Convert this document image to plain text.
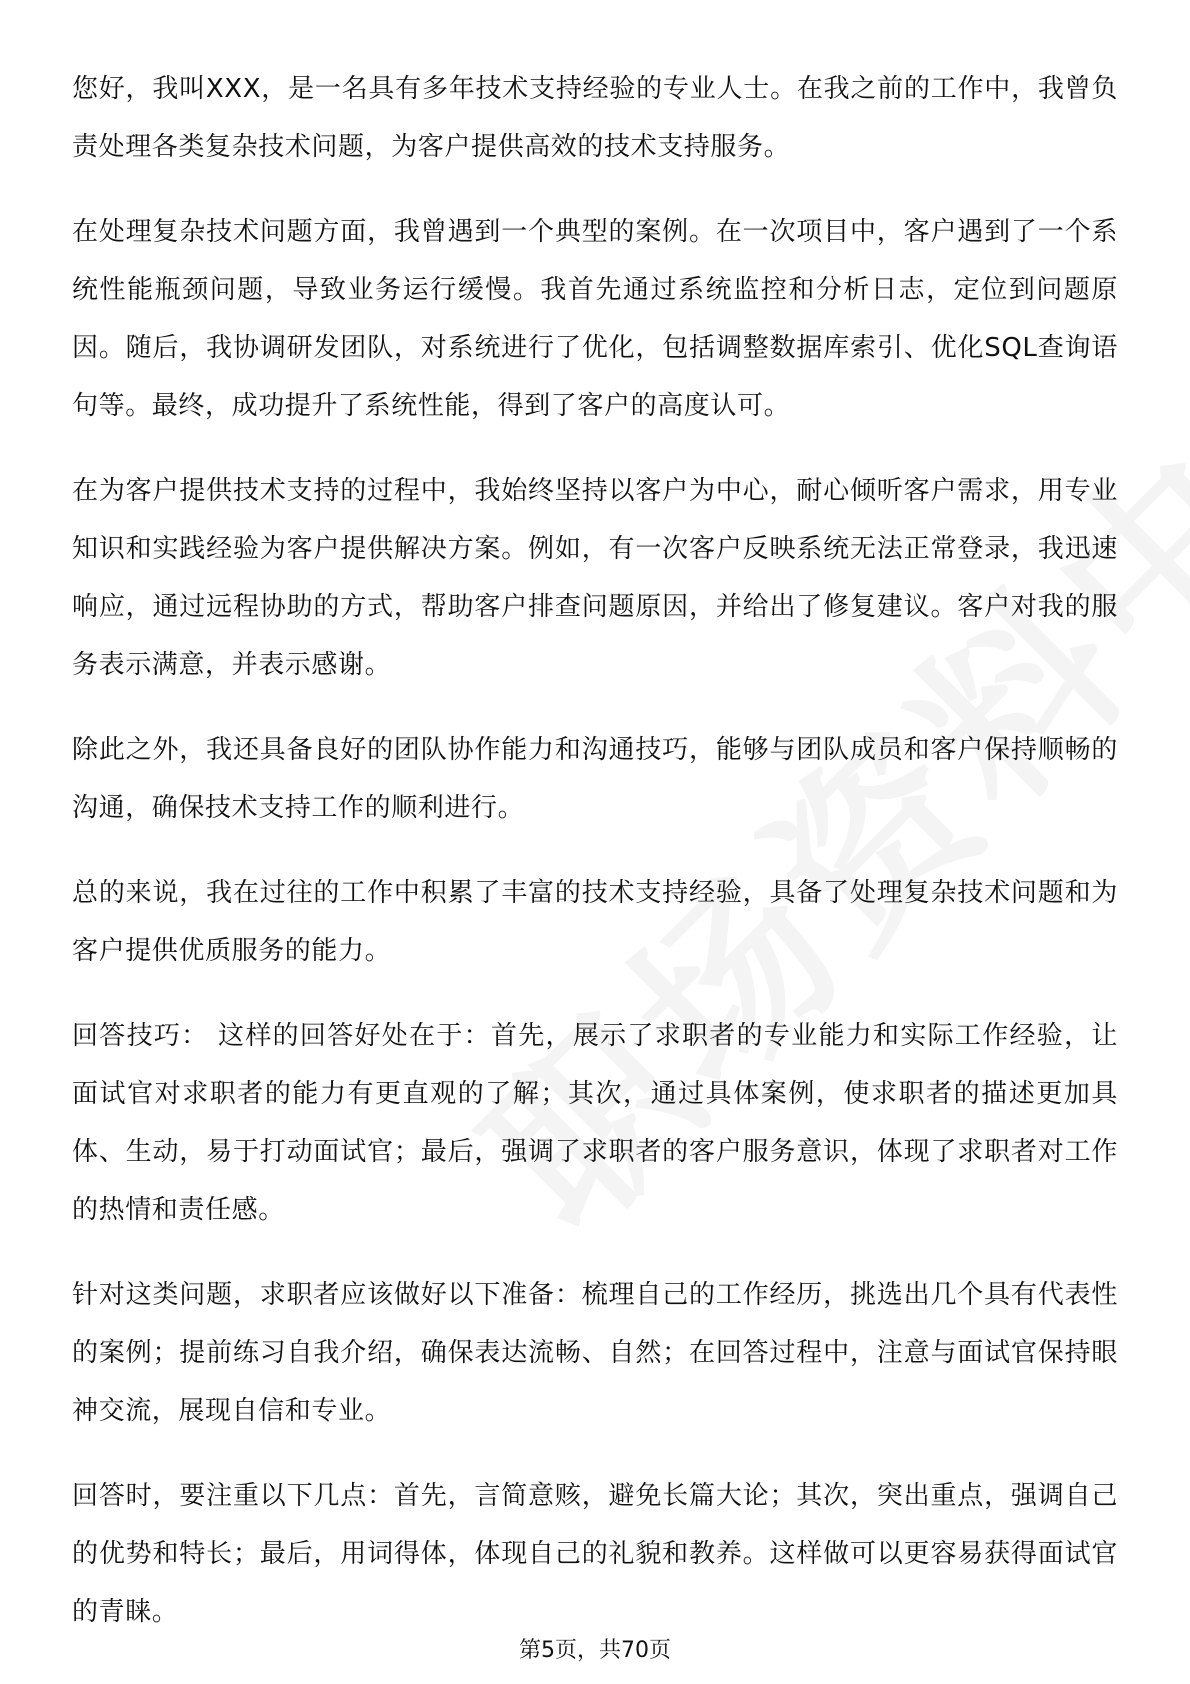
您好，我叫XXX，是一名具有多年技术支持经验的专业人士。在我之前的工作中，我曾负责处理各类复杂技术问题，为客户提供高效的技术支持服务。

在处理复杂技术问题方面，我曾遇到一个典型的案例。在一次项目中，客户遇到了一个系统性能瓶颈问题，导致业务运行缓慢。我首先通过系统监控和分析日志，定位到问题原因。随后，我协调研发团队，对系统进行了优化，包括调整数据库索引、优化SQL查询语句等。最终，成功提升了系统性能，得到了客户的高度认可。

在为客户提供技术支持的过程中，我始终坚持以客户为中心，耐心倾听客户需求，用专业知识和实践经验为客户提供解决方案。例如，有一次客户反映系统无法正常登录，我迅速响应，通过远程协助的方式，帮助客户排查问题原因，并给出了修复建议。客户对我的服务表示满意，并表示感谢。

除此之外，我还具备良好的团队协作能力和沟通技巧，能够与团队成员和客户保持顺畅的沟通，确保技术支持工作的顺利进行。

总的来说，我在过往的工作中积累了丰富的技术支持经验，具备了处理复杂技术问题和为客户提供优质服务的能力。

回答技巧： 这样的回答好处在于：首先，展示了求职者的专业能力和实际工作经验，让面试官对求职者的能力有更直观的了解；其次，通过具体案例，使求职者的描述更加具体、生动，易于打动面试官；最后，强调了求职者的客户服务意识，体现了求职者对工作的热情和责任感。

针对这类问题，求职者应该做好以下准备：梳理自己的工作经历，挑选出几个具有代表性的案例；提前练习自我介绍，确保表达流畅、自然；在回答过程中，注意与面试官保持眼神交流，展现自信和专业。

回答时，要注重以下几点：首先，言简意赅，避免长篇大论；其次，突出重点，强调自己的优势和特长；最后，用词得体，体现自己的礼貌和教养。这样做可以更容易获得面试官的青睐。

第5页，共70页
